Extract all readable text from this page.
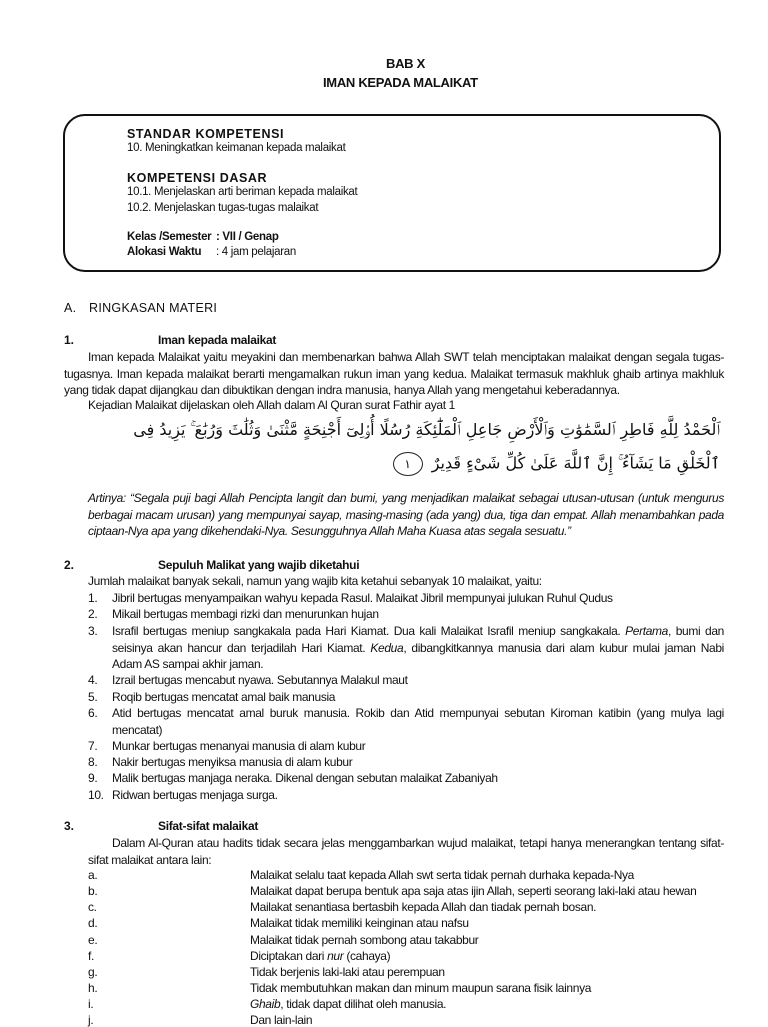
BAB X
IMAN KEPADA MALAIKAT
STANDAR KOMPETENSI
10. Meningkatkan keimanan kepada malaikat
KOMPETENSI DASAR
10.1. Menjelaskan arti beriman kepada malaikat
10.2. Menjelaskan tugas-tugas malaikat
Kelas /Semester : VII / Genap
Alokasi Waktu : 4 jam pelajaran
A. RINGKASAN MATERI
1.	Iman kepada malaikat
Iman kepada Malaikat yaitu meyakini dan membenarkan bahwa Allah SWT telah menciptakan malaikat dengan segala tugas-tugasnya. Iman kepada malaikat berarti mengamalkan rukun iman yang kedua. Malaikat termasuk makhluk ghaib artinya makhluk yang tidak dapat dijangkau dan dibuktikan dengan indra manusia, hanya Allah yang mengetahui keberadannya.
Kejadian Malaikat dijelaskan oleh Allah dalam Al Quran surat Fathir ayat 1
ٱلْحَمْدُ لِلَّهِ فَاطِرِ ٱلسَّمَٰوَٰتِ وَٱلْأَرْضِ جَاعِلِ ٱلْمَلَٰٓئِكَةِ رُسُلًا أُو۟لِىٓ أَجْنِحَةٍ مَّثْنَىٰ وَثُلَٰثَ وَرُبَٰعَ ۚ يَزِيدُ فِى
ٱلْخَلْقِ مَا يَشَآءُ ۚ إِنَّ ٱللَّهَ عَلَىٰ كُلِّ شَىْءٍ قَدِيرٌ ١
Artinya: “Segala puji bagi Allah Pencipta langit dan bumi, yang menjadikan malaikat sebagai utusan-utusan (untuk mengurus berbagai macam urusan) yang mempunyai sayap, masing-masing (ada yang) dua, tiga dan empat. Allah menambahkan pada ciptaan-Nya apa yang dikehendaki-Nya. Sesungguhnya Allah Maha Kuasa atas segala sesuatu.”
2.	Sepuluh Malikat yang wajib diketahui
Jumlah malaikat banyak sekali, namun yang wajib kita ketahui sebanyak 10 malaikat, yaitu:
1. Jibril bertugas menyampaikan wahyu kepada Rasul. Malaikat Jibril mempunyai julukan Ruhul Qudus
2. Mikail bertugas membagi rizki dan menurunkan hujan
3. Israfil bertugas meniup sangkakala pada Hari Kiamat. Dua kali Malaikat Israfil meniup sangkakala. Pertama, bumi dan seisinya akan hancur dan terjadilah Hari Kiamat. Kedua, dibangkitkannya manusia dari alam kubur mulai jaman Nabi Adam AS sampai akhir jaman.
4. Izrail bertugas mencabut nyawa. Sebutannya Malakul maut
5. Roqib bertugas mencatat amal baik manusia
6. Atid bertugas mencatat amal buruk manusia. Rokib dan Atid mempunyai sebutan Kiroman katibin (yang mulya lagi mencatat)
7. Munkar bertugas menanyai manusia di alam kubur
8. Nakir bertugas menyiksa manusia di alam kubur
9. Malik bertugas manjaga neraka. Dikenal dengan sebutan malaikat Zabaniyah
10. Ridwan bertugas menjaga surga.
3.	Sifat-sifat malaikat
Dalam Al-Quran atau hadits tidak secara jelas menggambarkan wujud malaikat, tetapi hanya menerangkan tentang sifat-sifat malaikat antara lain:
a.	Malaikat selalu taat kepada Allah swt serta tidak pernah durhaka kepada-Nya
b.	Malaikat dapat berupa bentuk apa saja atas ijin Allah, seperti seorang laki-laki atau hewan
c.	Mailakat senantiasa bertasbih kepada Allah dan tiadak pernah bosan.
d.	Malaikat tidak memiliki keinginan atau nafsu
e.	Malaikat tidak pernah sombong atau takabbur
f.	Diciptakan dari nur (cahaya)
g.	Tidak berjenis laki-laki atau perempuan
h.	Tidak membutuhkan makan dan minum maupun sarana fisik lainnya
i.	Ghaib, tidak dapat dilihat oleh manusia.
j.	Dan lain-lain
